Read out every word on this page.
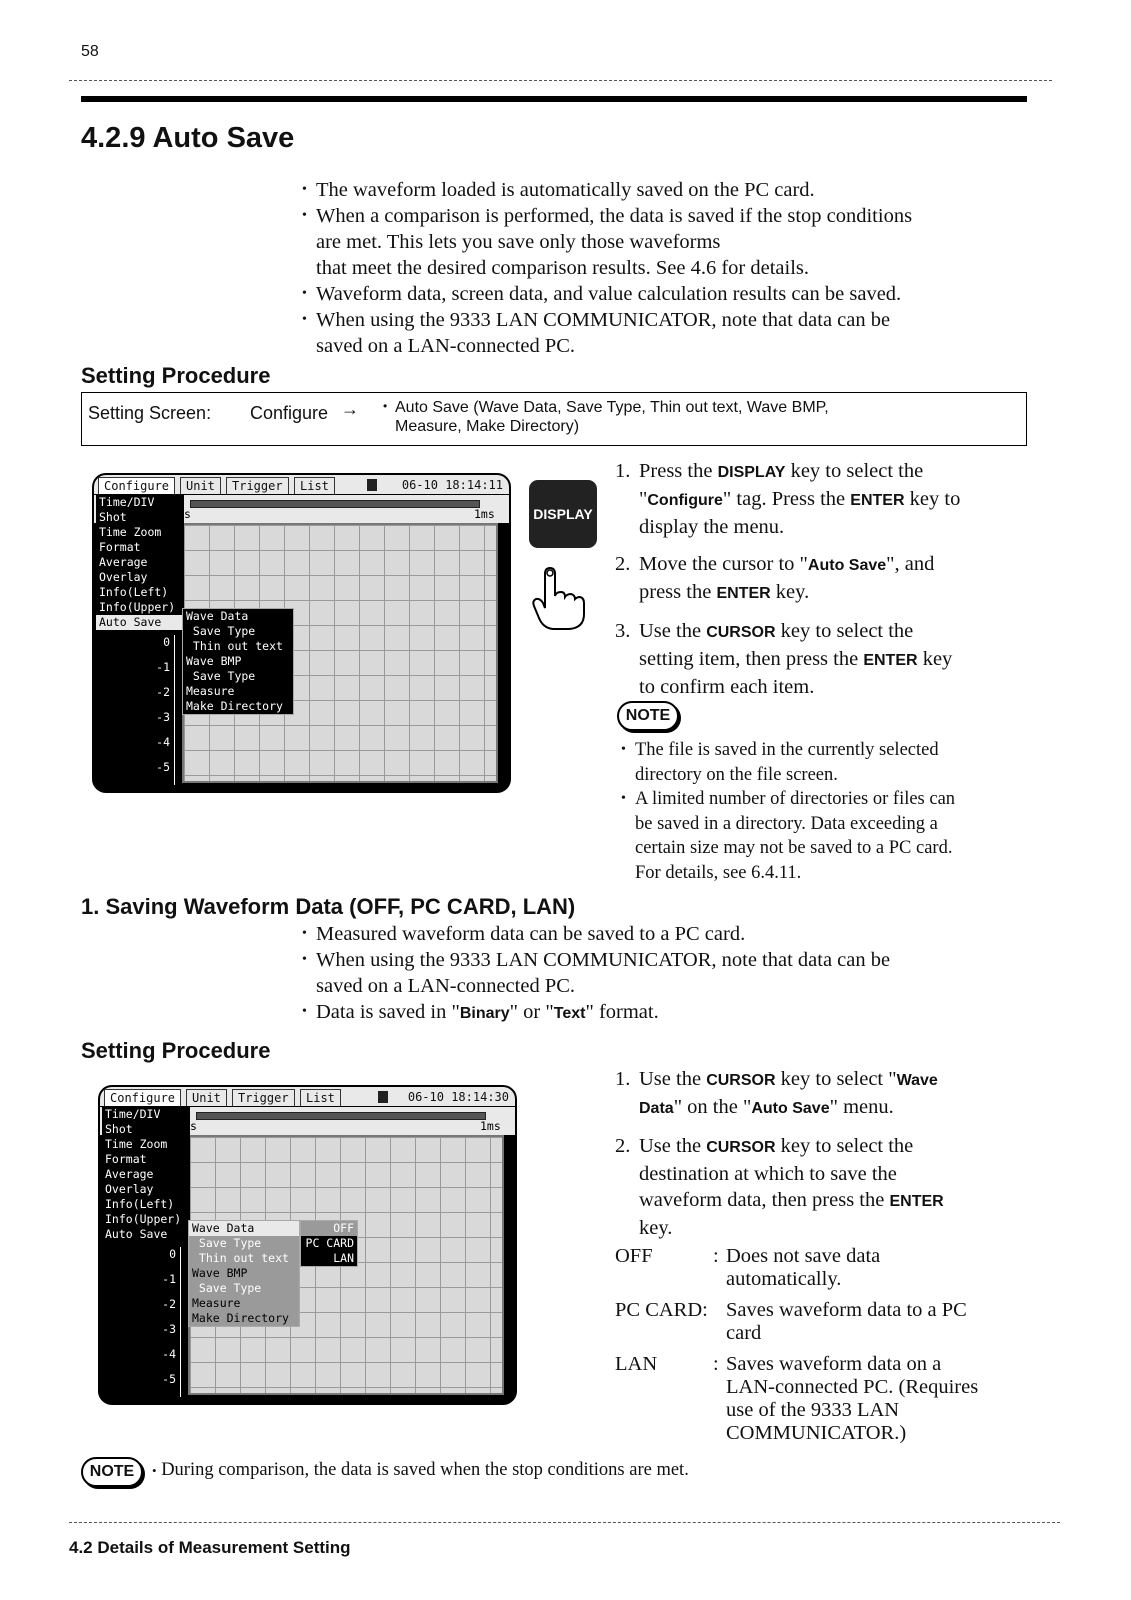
58
4.2.9 Auto Save
• The waveform loaded is automatically saved on the PC card.
• When a comparison is performed, the data is saved if the stop conditions
are met. This lets you save only those waveforms
that meet the desired comparison results. See 4.6 for details.
• Waveform data, screen data, and value calculation results can be saved.
• When using the 9333 LAN COMMUNICATOR, note that data can be
saved on a LAN-connected PC.
Setting Procedure
Setting Screen: Configure → • Auto Save (Wave Data, Save Type, Thin out text, Wave BMP,
Measure, Make Directory)
Configure	Unit	Trigger	List	06-10 18:14:11
s	1ms
Time/DIV
Shot
Time Zoom
Format
Average
Overlay
Info(Left)
Info(Upper)
Auto Save
0
-1
-2
-3
-4
-5
Wave Data
Save Type
Thin out text
Wave BMP
Save Type
Measure
Make Directory
DISPLAY
1. Press the DISPLAY key to select the
"Configure" tag. Press the ENTER key to
display the menu.
2. Move the cursor to "Auto Save", and
press the ENTER key.
3. Use the CURSOR key to select the
setting item, then press the ENTER key
to confirm each item.
NOTE
• The file is saved in the currently selected
directory on the file screen.
• A limited number of directories or files can
be saved in a directory. Data exceeding a
certain size may not be saved to a PC card.
For details, see 6.4.11.
1. Saving Waveform Data (OFF, PC CARD, LAN)
• Measured waveform data can be saved to a PC card.
• When using the 9333 LAN COMMUNICATOR, note that data can be
saved on a LAN-connected PC.
• Data is saved in "Binary" or "Text" format.
Setting Procedure
Configure	Unit	Trigger	List	06-10 18:14:30
s	1ms
Time/DIV
Shot
Time Zoom
Format
Average
Overlay
Info(Left)
Info(Upper)
Auto Save
0
-1
-2
-3
-4
-5
Wave Data
Save Type
Thin out text
Wave BMP
Save Type
Measure
Make Directory
OFF
PC CARD
LAN
1. Use the CURSOR key to select "Wave
Data" on the "Auto Save" menu.
2. Use the CURSOR key to select the
destination at which to save the
waveform data, then press the ENTER
key.
OFF	: Does not save data
automatically.
PC CARD: Saves waveform data to a PC
card
LAN	: Saves waveform data on a
LAN-connected PC. (Requires
use of the 9333 LAN
COMMUNICATOR.)
NOTE	• During comparison, the data is saved when the stop conditions are met.
4.2 Details of Measurement Setting
